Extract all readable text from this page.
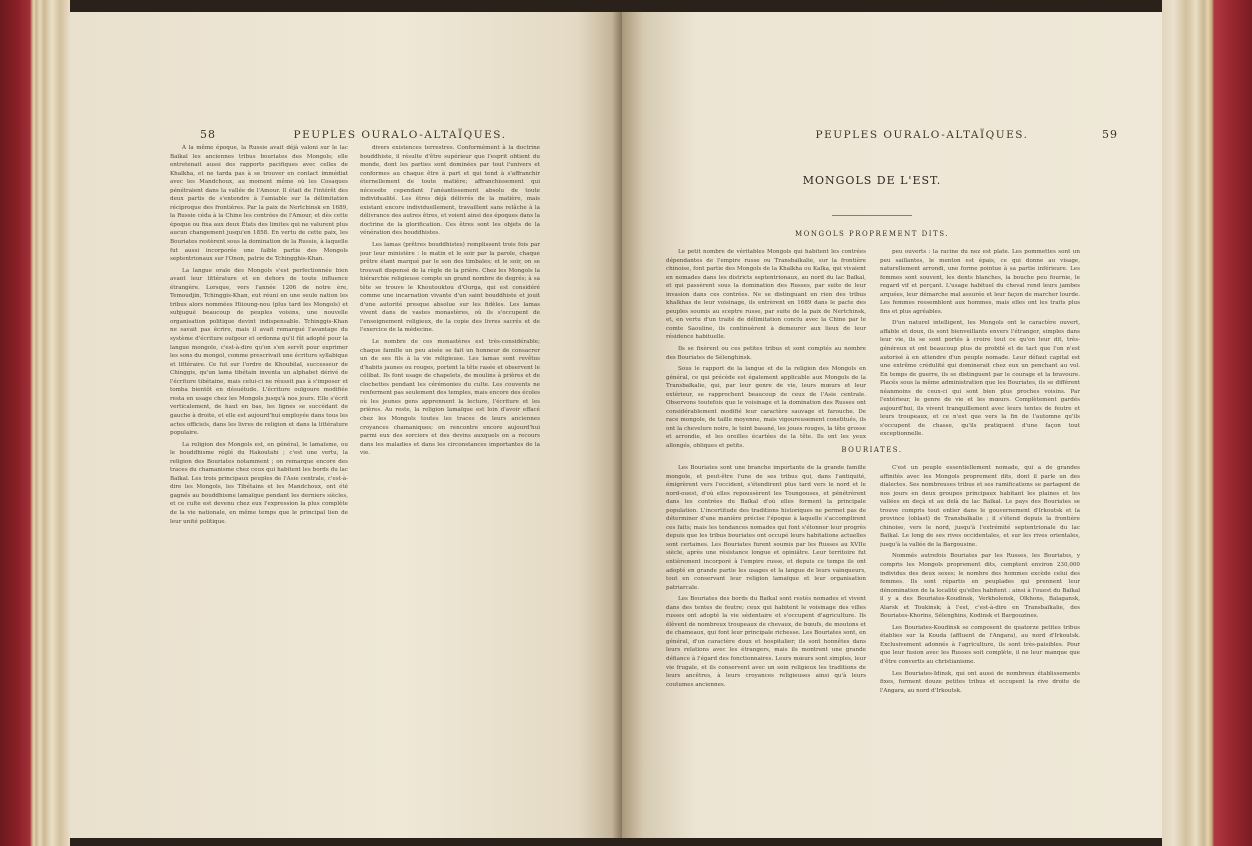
58	PEUPLES OURALO-ALTAÏQUES.

À la même époque, la Russie avait déjà valoni sur le lac Baïkal les anciennes tribus bouriates des Mongols; elle entretenait aussi des rapports pacifiques avec celles de Khalkha, et ne tarda pas à se trouver en contact immédiat avec les Mandchoux, au moment même où les Cosaques pénétraient dans la vallée de l'Amour. Il était de l'intérêt des deux partis de s'entendre à l'amiable sur la délimitation réciproque des frontières. Par la paix de Nertchinsk en 1689, la Russie céda à la Chine les contrées de l'Amour, et dès cette époque ou fixa aux deux États des limites qui ne valurent plus aucun changement jusqu'en 1858. En vertu de cette paix, les Bouriates restèrent sous la domination de la Russie, à laquelle fut aussi incorporée une faible partie des Mongols septentrionaux sur l'Onon, patrie de Tchingghis-Khan.

La langue orale des Mongols s'est perfectionnée bien avant leur littérature et en dehors de toute influence étrangère. Lorsque, vers l'année 1206 de notre ère, Temoudjin, Tchinggis-Khan, eut réuni en une seule nation les tribus alors nommées Hiioung-nou (plus tard les Mongols) et subjugué beaucoup de peuples voisins, une nouvelle organisation politique devint indispensable. Tchinggis-Khan ne savait pas écrire, mais il avait remarqué l'avantage du système d'écriture ouïgour et ordonna qu'il fût adopté pour la langue mongole, c'est-à-dire qu'on s'en servît pour exprimer les sons du mongol, comme prescrivait une écriture syllabique et littéraire. Ce fut sur l'ordre de Khoubilaï, successeur de Chinggis, qu'un lama tibétain inventa un alphabet dérivé de l'écriture tibétaine, mais celui-ci ne réussit pas à s'imposer et tomba bientôt en désuétude. L'écriture ouïgoure modifiée resta en usage chez les Mongols jusqu'à nos jours. Elle s'écrit verticalement, de haut en bas, les lignes se succédant de gauche à droite, et elle est aujourd'hui employée dans tous les actes officiels, dans les livres de religion et dans la littérature populaire.

La religion des Mongols est, en général, le lamaïsme, ou le bouddhisme réglé du Hakoutahi ; c'est une vertu, la religion des Bouriates notamment ; on remarque encore des traces du chamanisme chez ceux qui habitent les bords du lac Baïkal. Les trois principaux peuples de l'Asie centrale, c'est-à-dire les Mongols, les Tibétains et les Mandchoux, ont été gagnés au bouddhisme lamaïque pendant les derniers siècles, et ce culte est devenu chez eux l'expression la plus complète de la vie nationale, en même temps que le principal lien de leur unité politique.

divers existences terrestres. Conformément à la doctrine bouddhiste, il résulte d'être supérieur que l'esprit obtient du monde, dont les parties sont dominées par tout l'univers et conformes au chaque être à part et qui tend à s'affranchir éternellement de toute matière; affranchissement qui nécessite cependant l'anéantissement absolu de toute individualité. Les êtres déjà délivrés de la matière, mais existant encore individuellement, travaillent sans relâche à la délivrance des autres êtres, et voient ainsi des époques dans la doctrine de la glorification. Ces êtres sont les objets de la vénération des bouddhistes.

Les lamas (prêtres bouddhistes) remplissent trois fois par jour leur ministère : le matin et le soir par la parole, chaque prêtre étant marqué par le son des timbales; et le soir, on se trouvait dispensé de la règle de la prière. Chez les Mongols la hiérarchie religieuse compte un grand nombre de degrés; à sa tête se trouve le Khoutouktou d'Ourga, qui est considéré comme une incarnation vivante d'un saint bouddhiste et jouit d'une autorité presque absolue sur les fidèles. Les lamas vivent dans de vastes monastères, où ils s'occupent de l'enseignement religieux, de la copie des livres sacrés et de l'exercice de la médecine.

Le nombre de ces monastères est très-considérable; chaque famille un peu aisée se fait un honneur de consacrer un de ses fils à la vie religieuse. Les lamas sont revêtus d'habits jaunes ou rouges, portent la tête rasée et observent le célibat. Ils font usage de chapelets, de moulins à prières et de clochettes pendant les cérémonies du culte. Les couvents ne renferment pas seulement des temples, mais encore des écoles où les jeunes gens apprennent la lecture, l'écriture et les prières. Au reste, la religion lamaïque est loin d'avoir effacé chez les Mongols toutes les traces de leurs anciennes croyances chamaniques; on rencontre encore aujourd'hui parmi eux des sorciers et des devins auxquels on a recours dans les maladies et dans les circonstances importantes de la vie.

PEUPLES OURALO-ALTAÏQUES.	59
MONGOLS DE L'EST.
MONGOLS PROPREMENT DITS.

Le petit nombre de véritables Mongols qui habitent les contrées dépendantes de l'empire russe ou Transbaïkalie, sur la frontière chinoise, font partie des Mongols de la Khalkha ou Kalka, qui vivaient en nomades dans les districts septentrionaux, au nord du lac Baïkal, et qui passèrent sous la domination des Russes, par suite de leur invasion dans ces contrées. Ne se distinguant en rien des tribus khalkhas de leur voisinage, ils entrèrent en 1689 dans le pacte des peuples soumis au sceptre russe, par suite de la paix de Nertchinsk, et, en vertu d'un traité de délimitation conclu avec la Chine par le comte Saouline, ils continuèrent à demeurer aux lieux de leur résidence habituelle.

Ils se fixèrent ou ces petites tribus et sont comptés au nombre des Bouriates de Sélenghinsk.

Sous le rapport de la langue et de la religion des Mongols en général, ce qui précède est également applicable aux Mongols de la Transbaïkalie, qui, par leur genre de vie, leurs mœurs et leur extérieur, se rapprochent beaucoup de ceux de l'Asie centrale. Observons toutefois que le voisinage et la domination des Russes ont considérablement modifié leur caractère sauvage et farouche. De race mongole, de taille moyenne, mais vigoureusement constitués, ils ont la chevelure noire, le teint basané, les joues rouges, la tête grosse et arrondie, et les oreilles écartées de la tête. Ils ont les yeux allongés, obliques et petits.

peu ouverts : la racine du nez est plate. Les pommettes sont un peu saillantes, le menton est épais, ce qui donne au visage, naturellement arrondi, une forme pointue à sa partie inférieure. Les femmes sont souvent, les dents blanches, la bouche peu fournie, le regard vif et perçant. L'usage habituel du cheval rend leurs jambes arquées, leur démarche mal assurée et leur façon de marcher lourde. Les femmes ressemblent aux hommes, mais elles ont les traits plus fins et plus agréables.

D'un naturel intelligent, les Mongols ont le caractère ouvert, affable et doux, ils sont bienveillants envers l'étranger, simples dans leur vie, ils se sont portés à croire tout ce qu'on leur dit, très-généreux et ont beaucoup plus de probité et de tact que l'on n'est autorisé à en attendre d'un peuple nomade. Leur défaut capital est une extrême crédulité qui dominerait chez eux un penchant au vol. En temps de guerre, ils se distinguent par le courage et la bravoure. Placés sous la même administration que les Bouriates, ils se différent néanmoins de ceux-ci qui sont bien plus proches voisins. Par l'extérieur, le genre de vie et les mœurs. Complètement gardés aujourd'hui, ils vivent tranquillement avec leurs tentes de feutre et leurs troupeaux, et ce n'est que vers la fin de l'automne qu'ils s'occupent de chasse, qu'ils pratiquent d'une façon tout exceptionnelle.

BOURIATES.

Les Bouriates sont une branche importante de la grande famille mongole, et peut-être l'une de ses tribus qui, dans l'antiquité, émigrèrent vers l'occident, s'étendirent plus tard vers le nord et le nord-ouest, d'où elles repoussèrent les Toungouses, et pénétrèrent dans les contrées du Baïkal d'où elles forment la principale population. L'incertitude des traditions historiques ne permet pas de déterminer d'une manière précise l'époque à laquelle s'accomplirent ces faits; mais les tendances nomades qui font s'étonner leur progrès depuis que les tribus bouriates ont occupé leurs habitations actuelles sont certaines. Les Bouriates furent soumis par les Russes au XVIIe siècle, après une résistance longue et opiniâtre. Leur territoire fut entièrement incorporé à l'empire russe, et depuis ce temps ils ont adopté en grande partie les usages et la langue de leurs vainqueurs, tout en conservant leur religion lamaïque et leur organisation patriarcale.

Les Bouriates des bords du Baïkal sont restés nomades et vivent dans des tentes de feutre; ceux qui habitent le voisinage des villes russes ont adopté la vie sédentaire et s'occupent d'agriculture. Ils élèvent de nombreux troupeaux de chevaux, de bœufs, de moutons et de chameaux, qui font leur principale richesse. Les Bouriates sont, en général, d'un caractère doux et hospitalier; ils sont honnêtes dans leurs relations avec les étrangers, mais ils montrent une grande défiance à l'égard des fonctionnaires. Leurs mœurs sont simples, leur vie frugale, et ils conservent avec un soin religieux les traditions de leurs ancêtres, à leurs croyances religieuses ainsi qu'à leurs coutumes anciennes.

C'est un peuple essentiellement nomade, qui a de grandes affinités avec les Mongols proprement dits, dont il parle un des dialectes. Ses nombreuses tribus et ses ramifications se partagent de nos jours en deux groupes principaux habitant les plaines et les vallées en deçà et au delà du lac Baïkal. Le pays des Bouriates se trouve compris tout entier dans le gouvernement d'Irkoutsk et la province (oblast) de Transbaïkalie ; il s'étend depuis la frontière chinoise, vers le nord, jusqu'à l'extrémité septentrionale du lac Baïkal. Le long de ses rives occidentales, et sur les rives orientales, jusqu'à la vallée de la Bargousine.

Nommés autrefois Bouriates par les Russes, les Bouriates, y compris les Mongols proprement dits, comptent environ 230,000 individus des deux sexes; le nombre des hommes excède celui des femmes. Ils sont répartis en peuplades qui prennent leur dénomination de la localité qu'elles habitent : ainsi à l'ouest du Baïkal il y a des Bouriates-Koudinsk, Verkholensk, Olkhons, Balagansk, Alarsk et Toukinsk; à l'est, c'est-à-dire en Transbaïkalie, des Bouriates-Khorins, Sélenghins, Kodinsk et Bargouzines.

Les Bouriates-Koudinsk se composent de quatorze petites tribus établies sur la Kouda (affluent de l'Angara), au nord d'Irkoutsk. Exclusivement adonnés à l'agriculture, ils sont très-paisibles. Pour que leur fusion avec les Russes soit complète, il ne leur manque que d'être convertis au christianisme.

Les Bouriates-Idinsk, qui ont aussi de nombreux établissements fixes, forment douze petites tribus et occupent la rive droite de l'Angara, au nord d'Irkoutsk.
